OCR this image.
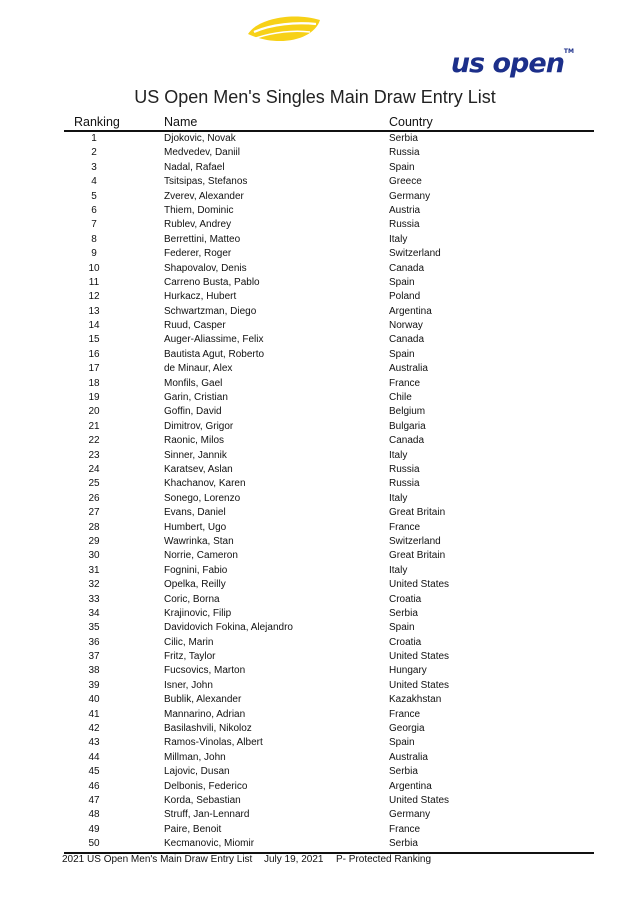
us open™
US Open Men's Singles Main Draw Entry List
Ranking	Name	Country
1	Djokovic, Novak	Serbia
2	Medvedev, Daniil	Russia
3	Nadal, Rafael	Spain
4	Tsitsipas, Stefanos	Greece
5	Zverev, Alexander	Germany
6	Thiem, Dominic	Austria
7	Rublev, Andrey	Russia
8	Berrettini, Matteo	Italy
9	Federer, Roger	Switzerland
10	Shapovalov, Denis	Canada
11	Carreno Busta, Pablo	Spain
12	Hurkacz, Hubert	Poland
13	Schwartzman, Diego	Argentina
14	Ruud, Casper	Norway
15	Auger-Aliassime, Felix	Canada
16	Bautista Agut, Roberto	Spain
17	de Minaur, Alex	Australia
18	Monfils, Gael	France
19	Garin, Cristian	Chile
20	Goffin, David	Belgium
21	Dimitrov, Grigor	Bulgaria
22	Raonic, Milos	Canada
23	Sinner, Jannik	Italy
24	Karatsev, Aslan	Russia
25	Khachanov, Karen	Russia
26	Sonego, Lorenzo	Italy
27	Evans, Daniel	Great Britain
28	Humbert, Ugo	France
29	Wawrinka, Stan	Switzerland
30	Norrie, Cameron	Great Britain
31	Fognini, Fabio	Italy
32	Opelka, Reilly	United States
33	Coric, Borna	Croatia
34	Krajinovic, Filip	Serbia
35	Davidovich Fokina, Alejandro	Spain
36	Cilic, Marin	Croatia
37	Fritz, Taylor	United States
38	Fucsovics, Marton	Hungary
39	Isner, John	United States
40	Bublik, Alexander	Kazakhstan
41	Mannarino, Adrian	France
42	Basilashvili, Nikoloz	Georgia
43	Ramos-Vinolas, Albert	Spain
44	Millman, John	Australia
45	Lajovic, Dusan	Serbia
46	Delbonis, Federico	Argentina
47	Korda, Sebastian	United States
48	Struff, Jan-Lennard	Germany
49	Paire, Benoit	France
50	Kecmanovic, Miomir	Serbia
2021 US Open Men's Main Draw Entry List July 19, 2021 P- Protected Ranking
